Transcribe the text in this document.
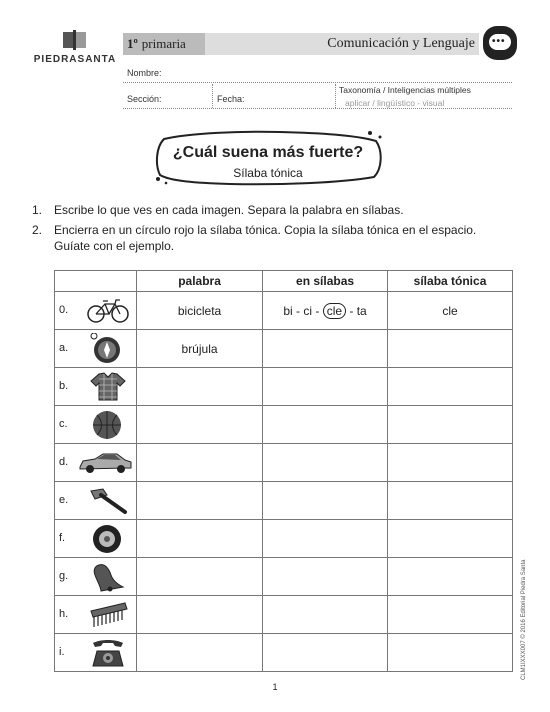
PIEDRASANTA
1º primaria	Comunicación y Lenguaje •••
Nombre:
Sección:	Fecha:
Taxonomía / Inteligencias múltiples
aplicar / lingüístico - visual
¿Cuál suena más fuerte?
Sílaba tónica
1. Escribe lo que ves en cada imagen. Separa la palabra en sílabas.
2. Encierra en un círculo rojo la sílaba tónica. Copia la sílaba tónica en el espacio. Guíate con el ejemplo.
	palabra	en sílabas	sílaba tónica

0.	bicicleta	bi - ci - cle - ta	cle

a.	brújula		

b.			

c.			

d.			

e.			

f.			

g.			

h.			

i.			
				CLM1IXXX007 © 2016 Editorial Piedra Santa
1
